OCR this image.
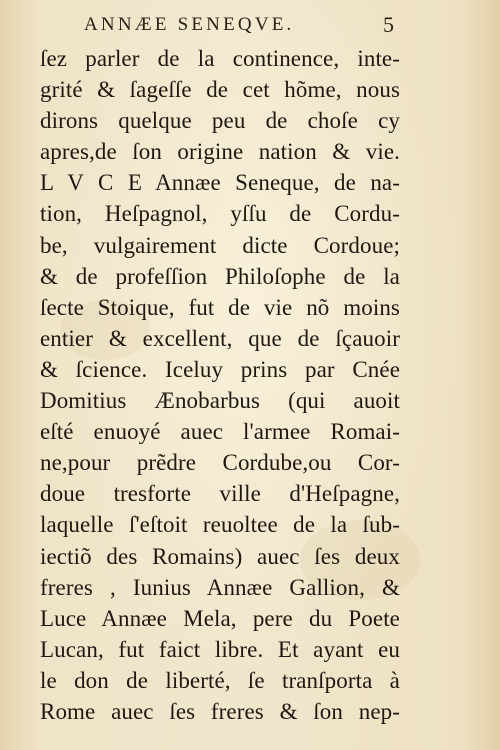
ANNÆE SENEQVE.	5
ſez parler de la continence, inte-
grité & ſageſſe de cet hõme, nous
dirons quelque peu de choſe cy
apres,de ſon origine nation & vie.
L V C E Annæe Seneque, de na-
tion, Heſpagnol, yſſu de Cordu-
be, vulgairement dicte Cordoue;
& de profeſſion Philoſophe de la
ſecte Stoique, fut de vie nõ moins
entier & excellent, que de ſçauoir
& ſcience. Iceluy prins par Cnée
Domitius Ænobarbus (qui auoit
eſté enuoyé auec l'armee Romai-
ne,pour prẽdre Cordube,ou Cor-
doue tresforte ville d'Heſpagne,
laquelle ſ'eſtoit reuoltee de la ſub-
iectiõ des Romains) auec ſes deux
freres , Iunius Annæe Gallion, &
Luce Annæe Mela, pere du Poete
Lucan, fut faict libre. Et ayant eu
le don de liberté, ſe tranſporta à
Rome auec ſes freres & ſon nep-
